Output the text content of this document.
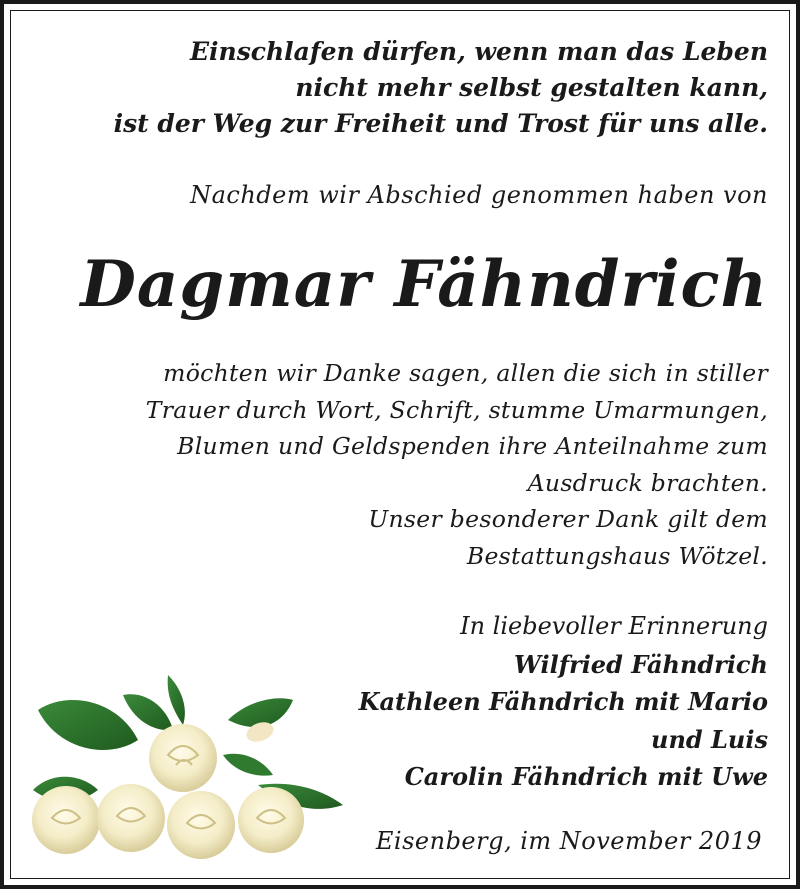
Einschlafen dürfen, wenn man das Leben
nicht mehr selbst gestalten kann,
ist der Weg zur Freiheit und Trost für uns alle.
Nachdem wir Abschied genommen haben von
Dagmar Fähndrich
möchten wir Danke sagen, allen die sich in stiller
Trauer durch Wort, Schrift, stumme Umarmungen,
Blumen und Geldspenden ihre Anteilnahme zum
Ausdruck brachten.
Unser besonderer Dank gilt dem
Bestattungshaus Wötzel.
In liebevoller Erinnerung
Wilfried Fähndrich
Kathleen Fähndrich mit Mario
und Luis
Carolin Fähndrich mit Uwe
Eisenberg, im November 2019
